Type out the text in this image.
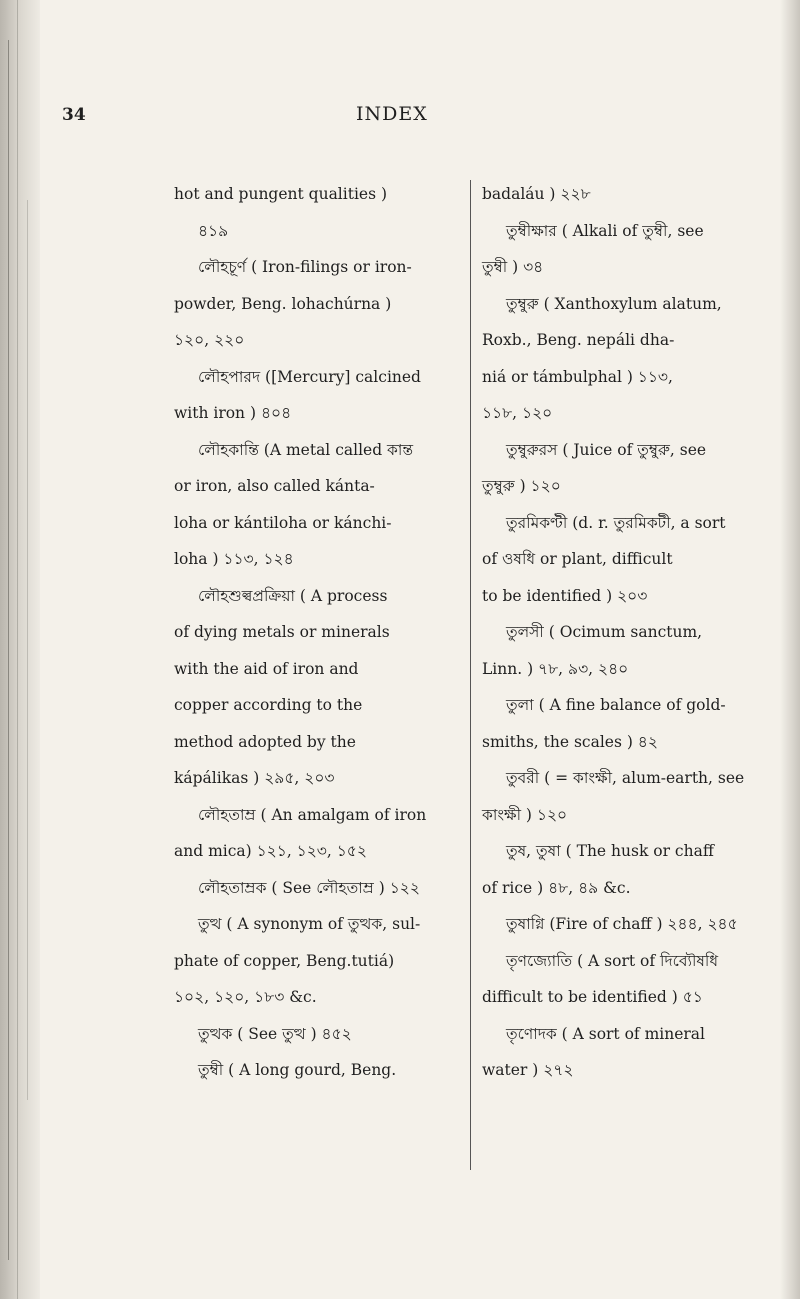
34	INDEX
hot and pungent qualities )
৪১৯
লৌহচূর্ণ ( Iron-filings or iron-
powder, Beng. lohachúrna )
১২০, ২২০
লৌহপারদ ([Mercury] calcined
with iron ) ৪০৪
লৌহকান্তি (A metal called কান্ত
or iron, also called kánta-
loha or kántiloha or kánchi-
loha ) ১১৩, ১২৪
লৌহশুল্বপ্রক্রিয়া ( A process
of dying metals or minerals
with the aid of iron and
copper according to the
method adopted by the
kápálikas ) ২৯৫, ২০৩
লৌহতাম্র ( An amalgam of iron
and mica) ১২১, ১২৩, ১৫২
লৌহতাম্রক ( See লৌহতাম্র ) ১২২
তুত্থ ( A synonym of তুত্থক, sul-
phate of copper, Beng.tutiá)
১০২, ১২০, ১৮৩ &c.
তুত্থক ( See তুত্থ ) ৪৫২
তুম্বী ( A long gourd, Beng.
badaláu ) ২২৮
তুম্বীক্ষার ( Alkali of তুম্বী, see
তুম্বী ) ৩৪
তুম্বুরু ( Xanthoxylum alatum,
Roxb., Beng. nepáli dha-
niá or támbulphal ) ১১৩,
১১৮, ১২০
তুম্বুরুরস ( Juice of তুম্বুরু, see
তুম্বুরু ) ১২০
তুরমিকণ্টী (d. r. তুরমিকটী, a sort
of ওষধি or plant, difficult
to be identified ) ২০৩
তুলসী ( Ocimum sanctum,
Linn. ) ৭৮, ৯৩, ২৪০
তুলা ( A fine balance of gold-
smiths, the scales ) ৪২
তুবরী ( = কাংক্ষী, alum-earth, see
কাংক্ষী ) ১২০
তুষ, তুষা ( The husk or chaff
of rice ) ৪৮, ৪৯ &c.
তুষাগ্নি (Fire of chaff ) ২৪৪, ২৪৫
তৃণজ্যোতি ( A sort of দিব্যৌষধি
difficult to be identified ) ৫১
তৃণোদক ( A sort of mineral
water ) ২৭২
